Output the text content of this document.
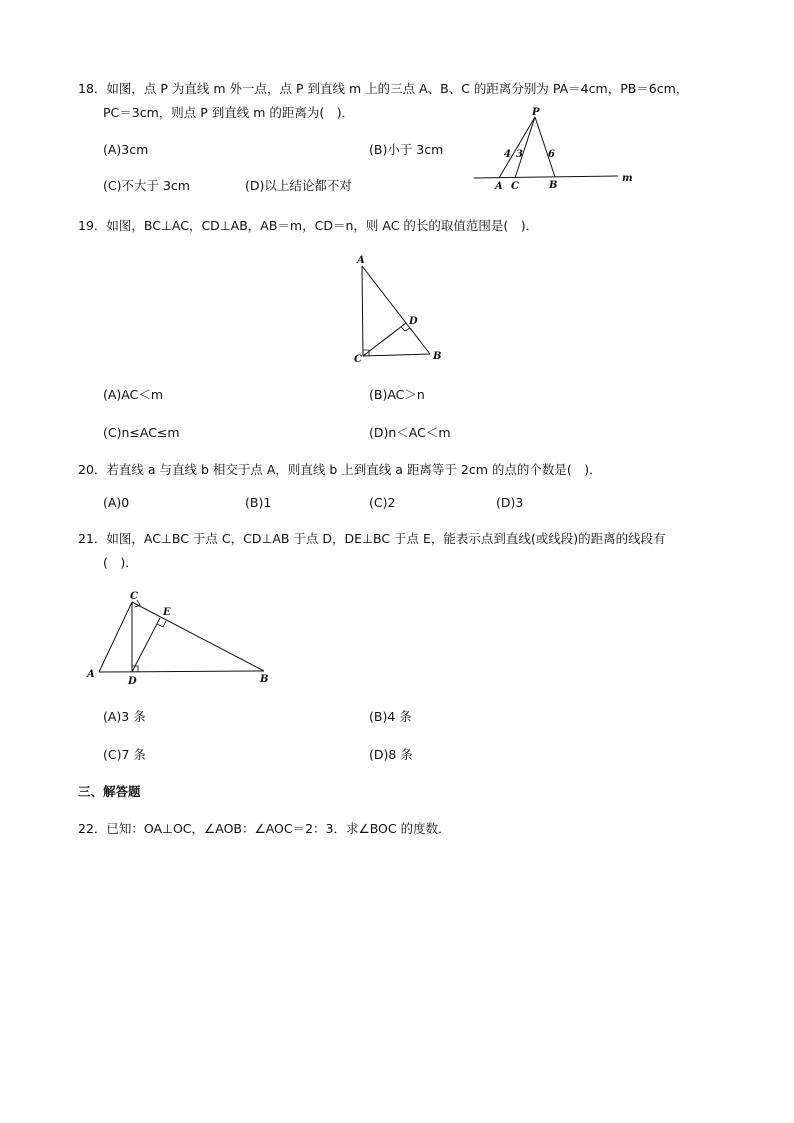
18．如图，点 P 为直线 m 外一点，点 P 到直线 m 上的三点 A、B、C 的距离分别为 PA＝4cm，PB＝6cm，
PC＝3cm，则点 P 到直线 m 的距离为(　)．
(A)3cm	(B)小于 3cm
(C)不大于 3cm	(D)以上结论都不对
P
4 3	6
A C	B
m
19．如图，BC⊥AC，CD⊥AB，AB＝m，CD＝n，则 AC 的长的取值范围是(　)．
A
D
C	B
(A)AC＜m	(B)AC＞n
(C)n≤AC≤m	(D)n＜AC＜m
20．若直线 a 与直线 b 相交于点 A，则直线 b 上到直线 a 距离等于 2cm 的点的个数是(　)．
(A)0	(B)1	(C)2	(D)3
21．如图，AC⊥BC 于点 C，CD⊥AB 于点 D，DE⊥BC 于点 E，能表示点到直线(或线段)的距离的线段有
(　)．
C
E
A
D	B
(A)3 条	(B)4 条
(C)7 条	(D)8 条
三、解答题
22．已知：OA⊥OC，∠AOB：∠AOC＝2：3．求∠BOC 的度数．
